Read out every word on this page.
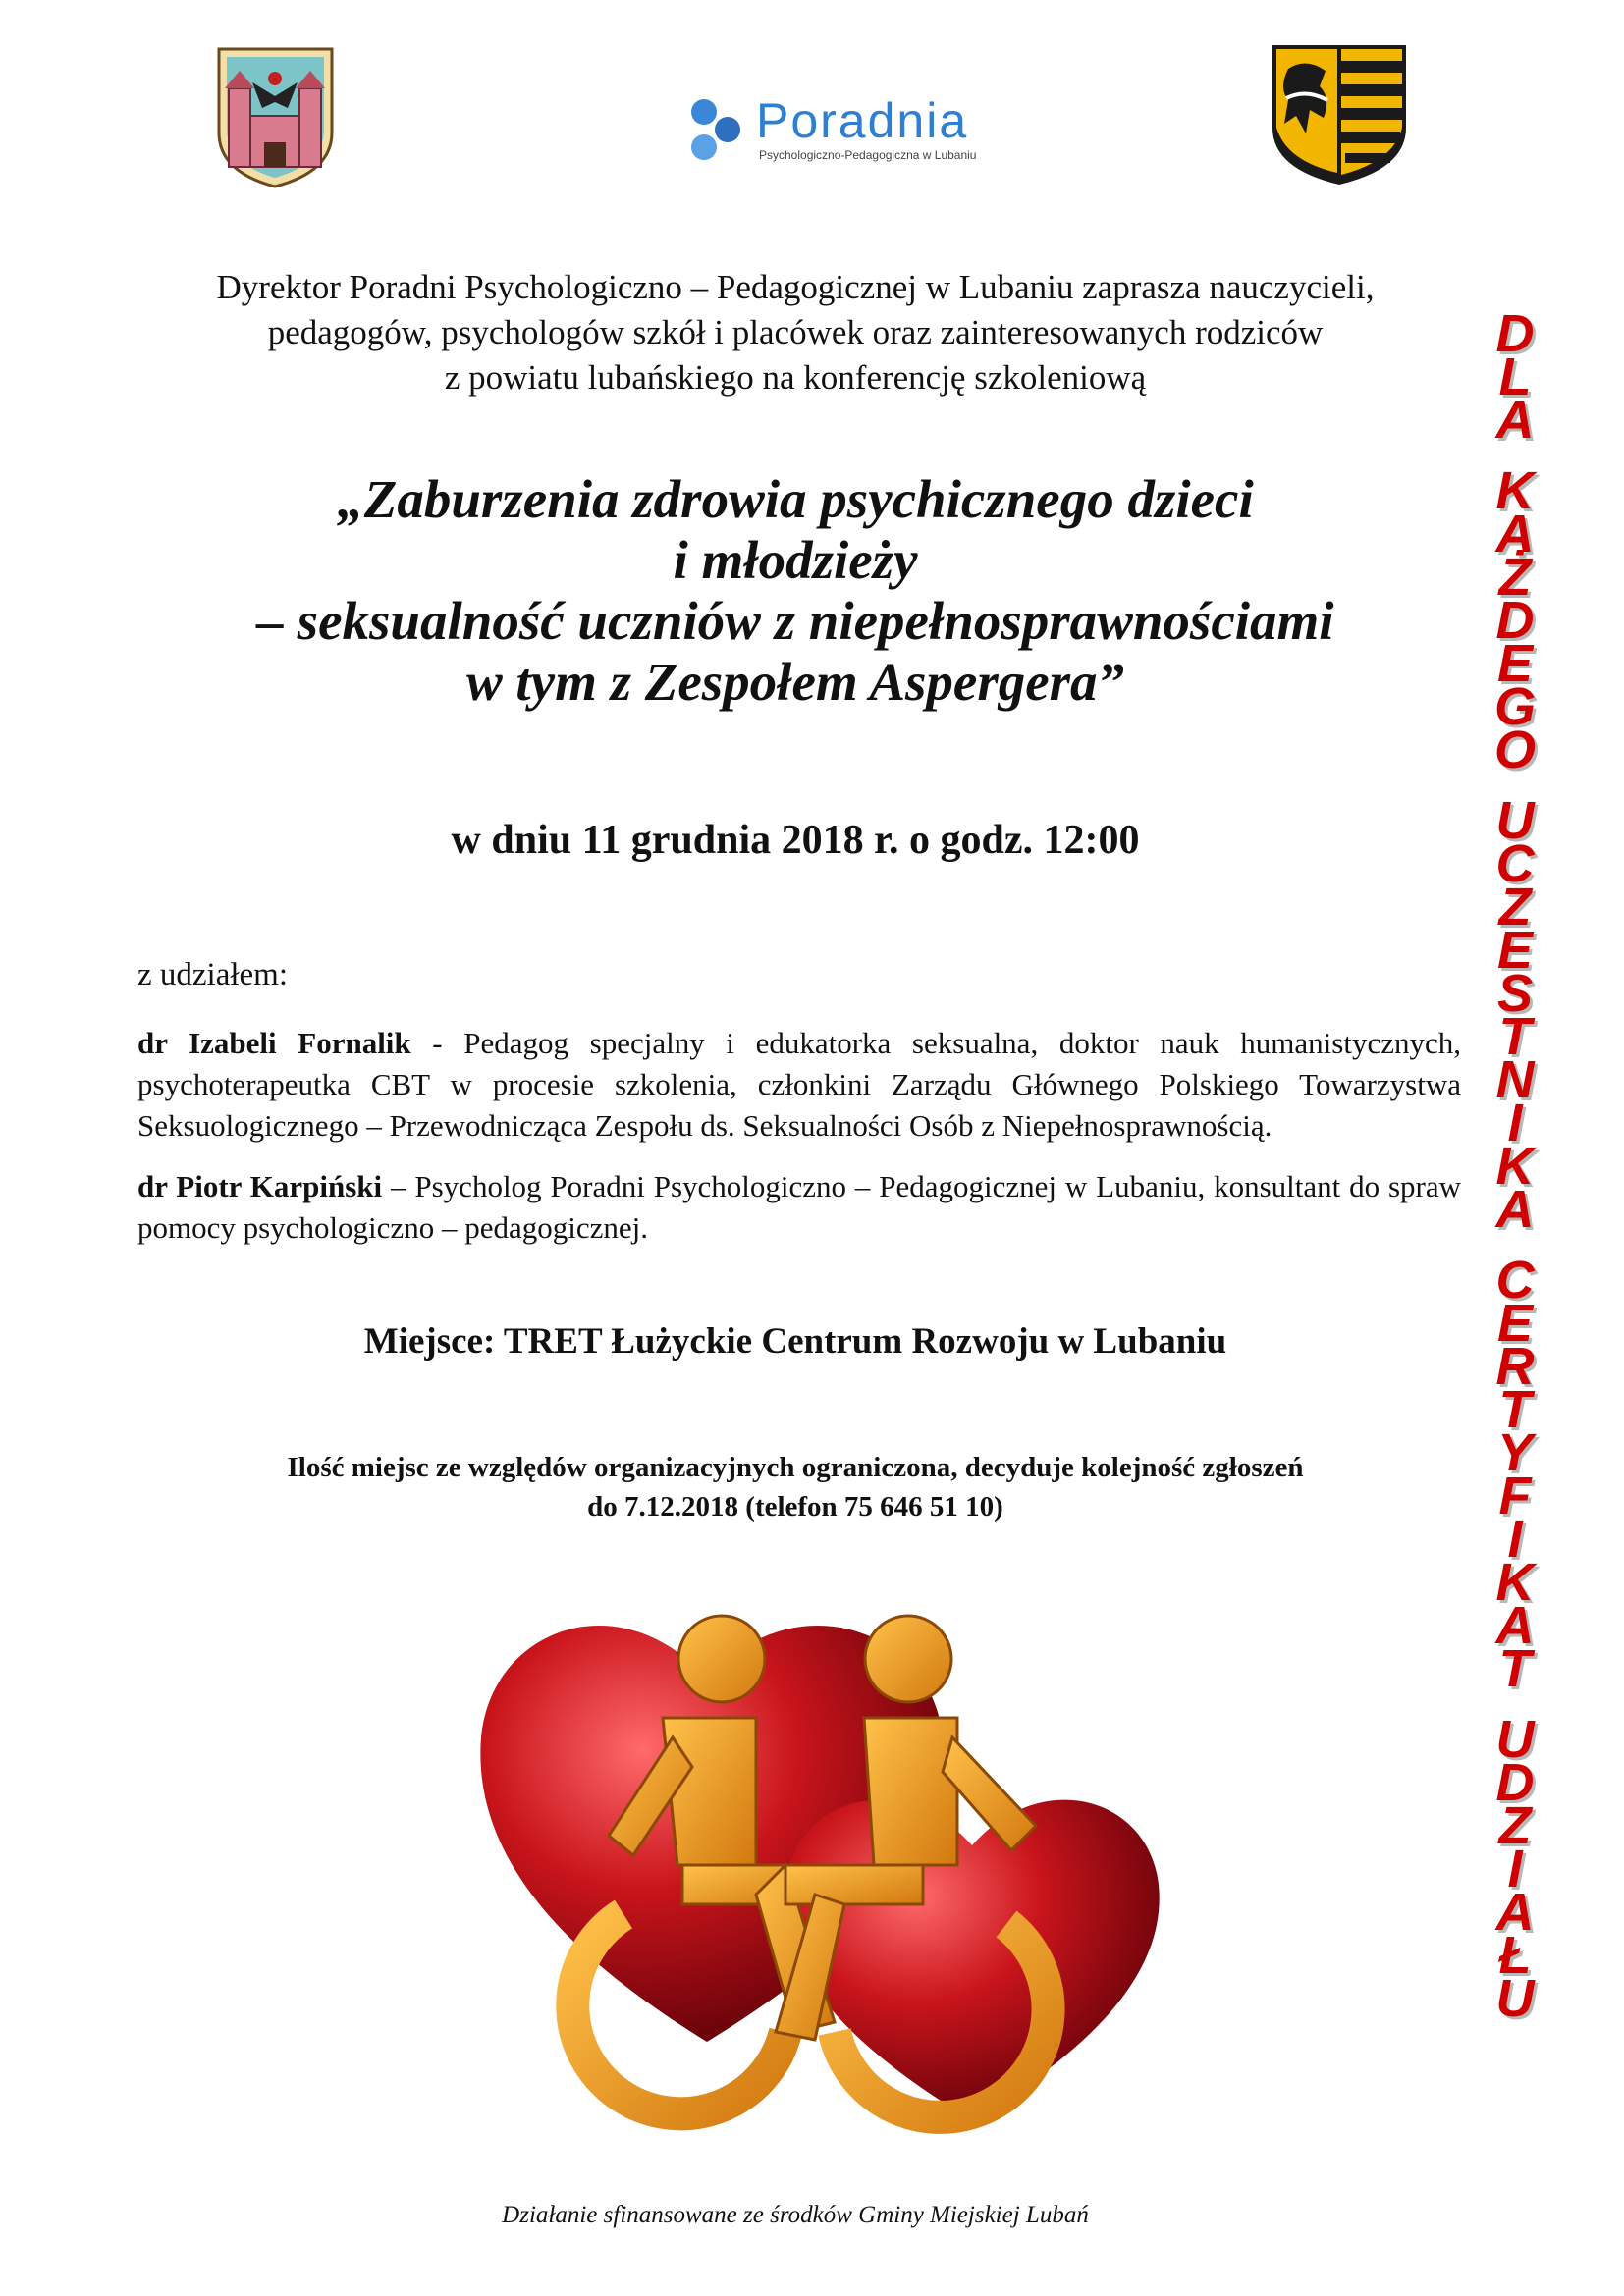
Poradnia
Psychologiczno-Pedagogiczna w Lubaniu
Dyrektor Poradni Psychologiczno – Pedagogicznej w Lubaniu zaprasza nauczycieli,
pedagogów, psychologów szkół i placówek oraz zainteresowanych rodziców
z powiatu lubańskiego na konferencję szkoleniową
„Zaburzenia zdrowia psychicznego dzieci
i młodzieży
– seksualność uczniów z niepełnosprawnościami
w tym z Zespołem Aspergera”
w dniu 11 grudnia 2018 r. o godz. 12:00
z udziałem:
dr Izabeli Fornalik - Pedagog specjalny i edukatorka seksualna, doktor nauk humanistycznych, psychoterapeutka CBT w procesie szkolenia, członkini Zarządu Głównego Polskiego Towarzystwa Seksuologicznego – Przewodnicząca Zespołu ds. Seksualności Osób z Niepełnosprawnością.
dr Piotr Karpiński – Psycholog Poradni Psychologiczno – Pedagogicznej w Lubaniu, konsultant do spraw pomocy psychologiczno – pedagogicznej.
Miejsce: TRET Łużyckie Centrum Rozwoju w Lubaniu
Ilość miejsc ze względów organizacyjnych ograniczona, decyduje kolejność zgłoszeń
do 7.12.2018 (telefon 75 646 51 10)
Działanie sfinansowane ze środków Gminy Miejskiej Lubań
D
L
A
K
A
Ż
D
E
G
O
U
C
Z
E
S
T
N
I
K
A
C
E
R
T
Y
F
I
K
A
T
U
D
Z
I
A
Ł
U
